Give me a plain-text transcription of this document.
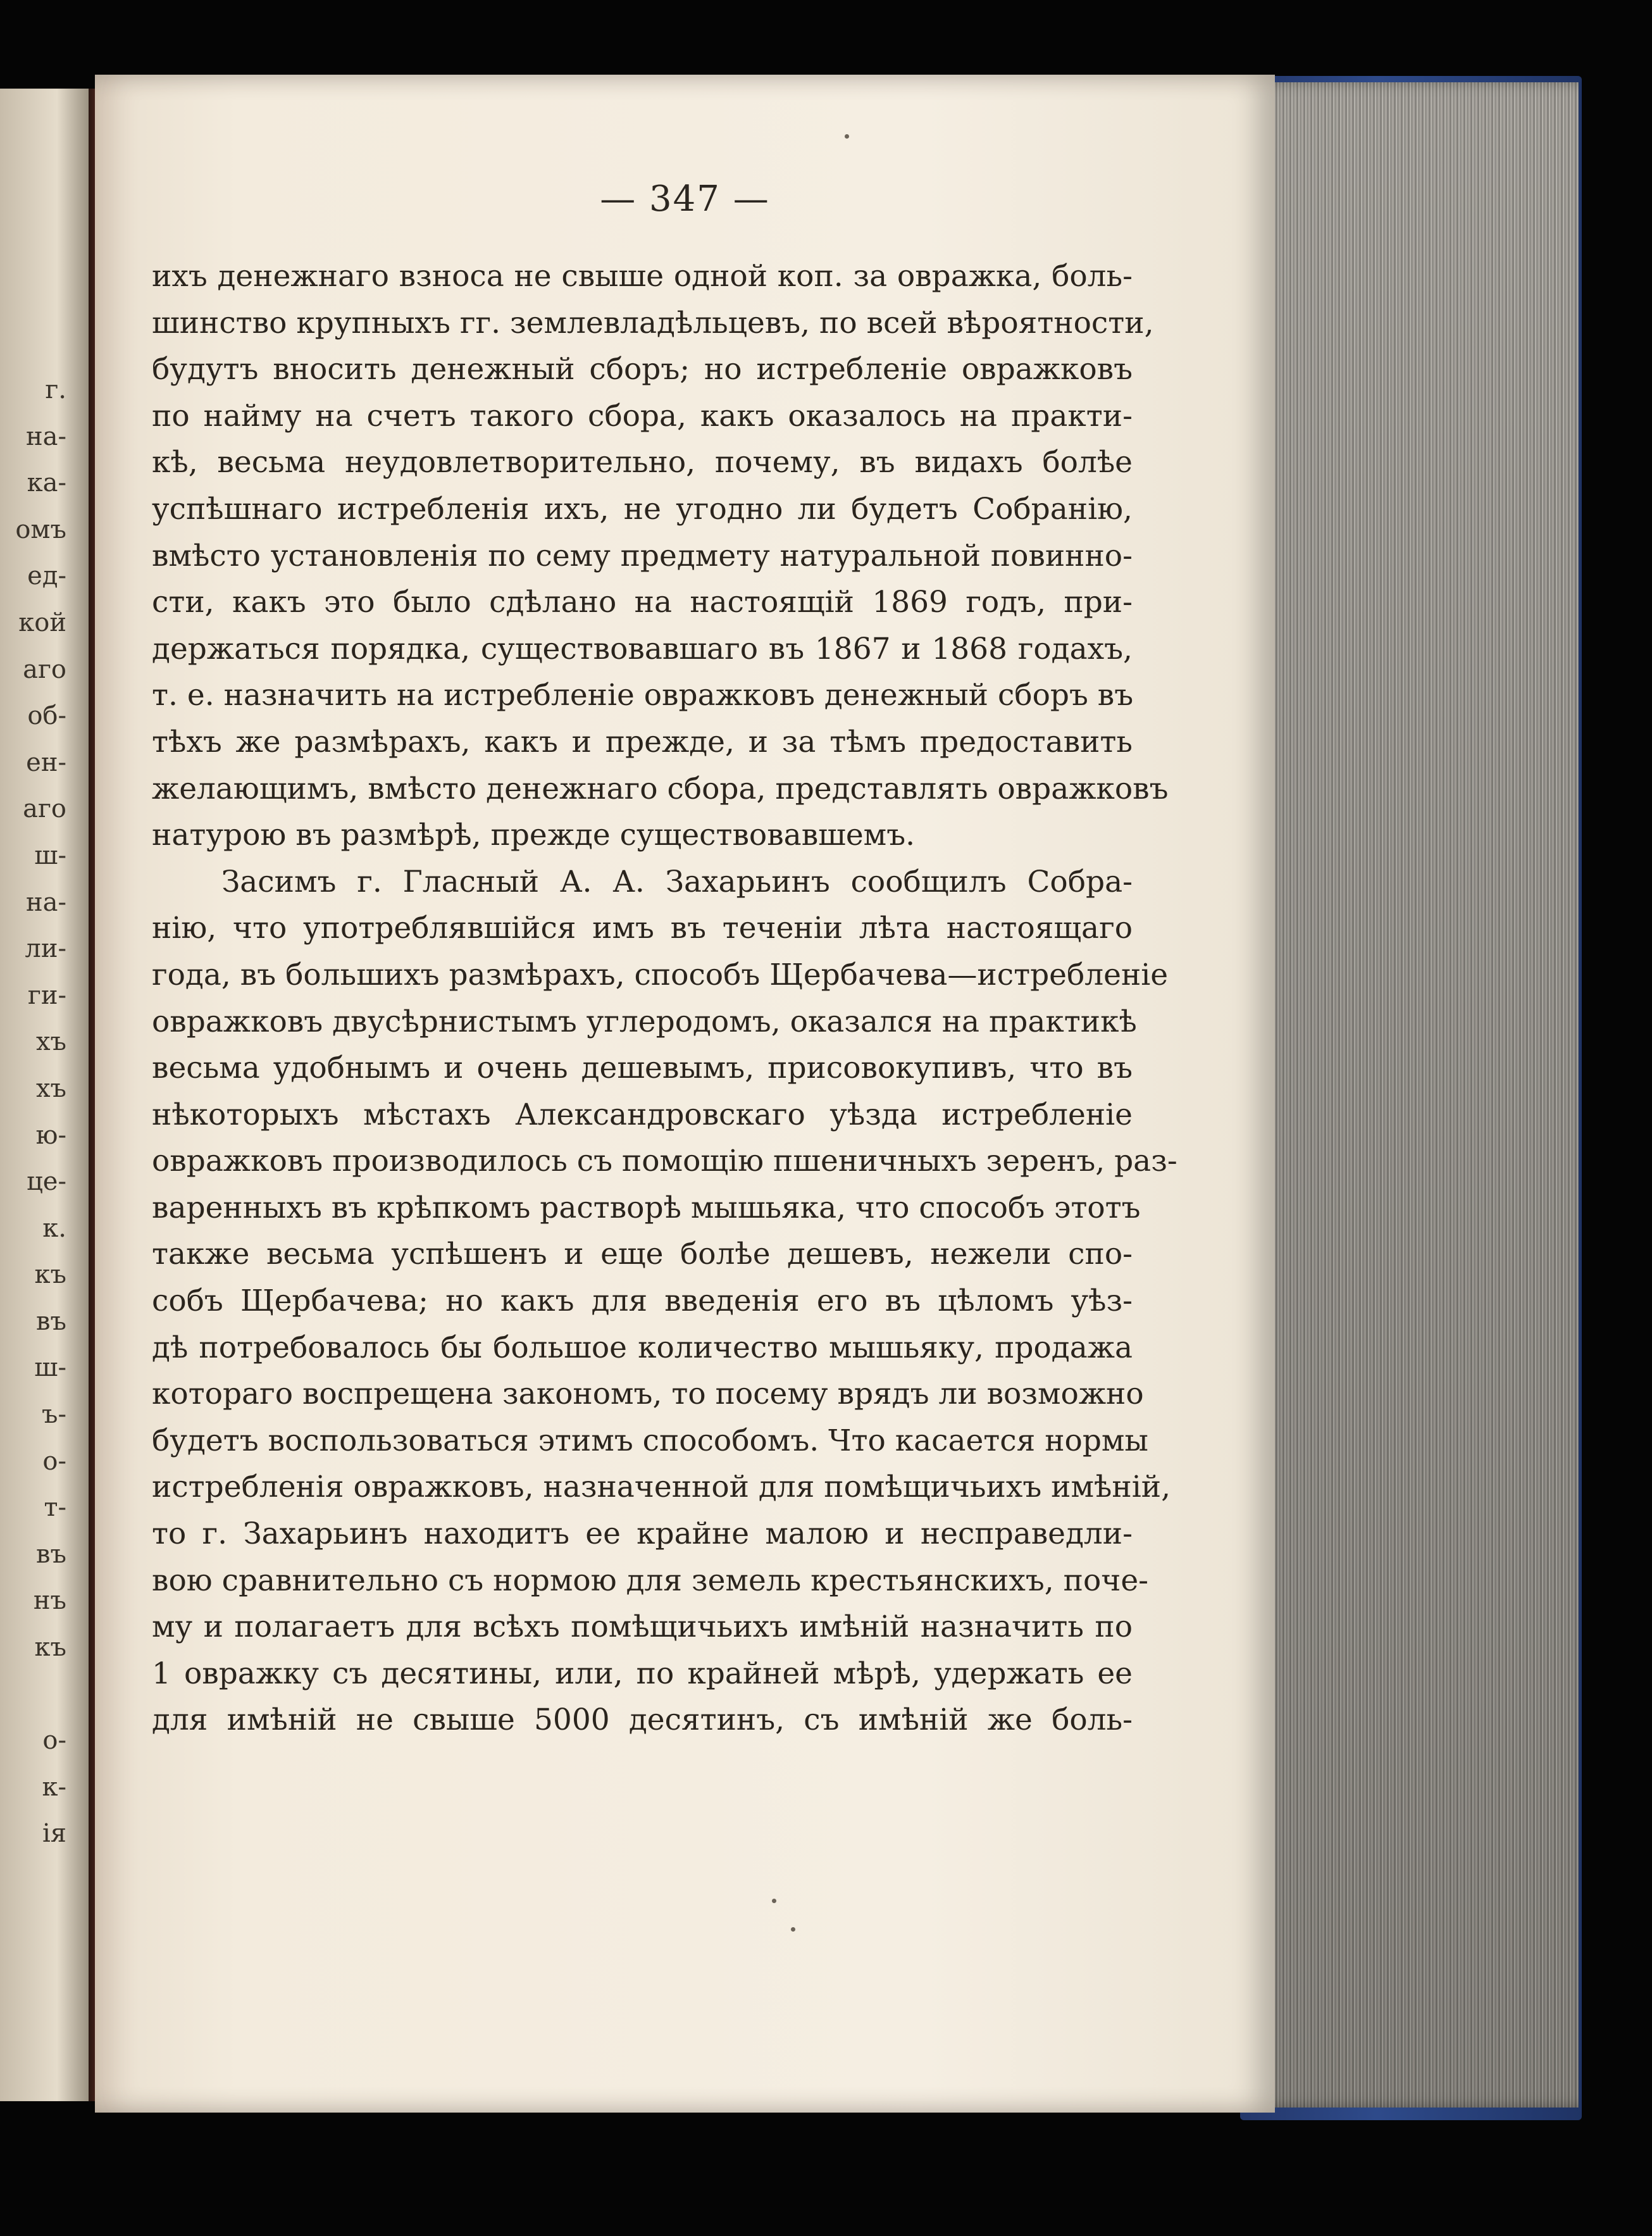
г.
на-
ка-
омъ
ед-
кой
аго
об-
ен-
аго
ш-
на-
ли-
ги-
хъ
хъ
ю-
це-
к.
къ
въ
ш-
ъ-
о-
т-
въ
нъ
къ
о-
к-
ія
— 347 —
ихъ денежнаго взноса не свыше одной коп. за овражка, боль-
шинство крупныхъ гг. землевладѣльцевъ, по всей вѣроятности,
будутъ вносить денежный сборъ; но истребленіе овражковъ
по найму на счетъ такого сбора, какъ оказалось на практи-
кѣ, весьма неудовлетворительно, почему, въ видахъ болѣе
успѣшнаго истребленія ихъ, не угодно ли будетъ Собранію,
вмѣсто установленія по сему предмету натуральной повинно-
сти, какъ это было сдѣлано на настоящій 1869 годъ, при-
держаться порядка, существовавшаго въ 1867 и 1868 годахъ,
т. е. назначить на истребленіе овражковъ денежный сборъ въ
тѣхъ же размѣрахъ, какъ и прежде, и за тѣмъ предоставить
желающимъ, вмѣсто денежнаго сбора, представлять овражковъ
натурою въ размѣрѣ, прежде существовавшемъ.
Засимъ г. Гласный А. А. Захарьинъ сообщилъ Собра-
нію, что употреблявшійся имъ въ теченіи лѣта настоящаго
года, въ большихъ размѣрахъ, способъ Щербачева—истребленіе
овражковъ двусѣрнистымъ углеродомъ, оказался на практикѣ
весьма удобнымъ и очень дешевымъ, присовокупивъ, что въ
нѣкоторыхъ мѣстахъ Александровскаго уѣзда истребленіе
овражковъ производилось съ помощію пшеничныхъ зеренъ, раз-
варенныхъ въ крѣпкомъ растворѣ мышьяка, что способъ этотъ
также весьма успѣшенъ и еще болѣе дешевъ, нежели спо-
собъ Щербачева; но какъ для введенія его въ цѣломъ уѣз-
дѣ потребовалось бы большое количество мышьяку, продажа
котораго воспрещена закономъ, то посему врядъ ли возможно
будетъ воспользоваться этимъ способомъ. Что касается нормы
истребленія овражковъ, назначенной для помѣщичьихъ имѣній,
то г. Захарьинъ находитъ ее крайне малою и несправедли-
вою сравнительно съ нормою для земель крестьянскихъ, поче-
му и полагаетъ для всѣхъ помѣщичьихъ имѣній назначить по
1 овражку съ десятины, или, по крайней мѣрѣ, удержать ее
для имѣній не свыше 5000 десятинъ, съ имѣній же боль-
